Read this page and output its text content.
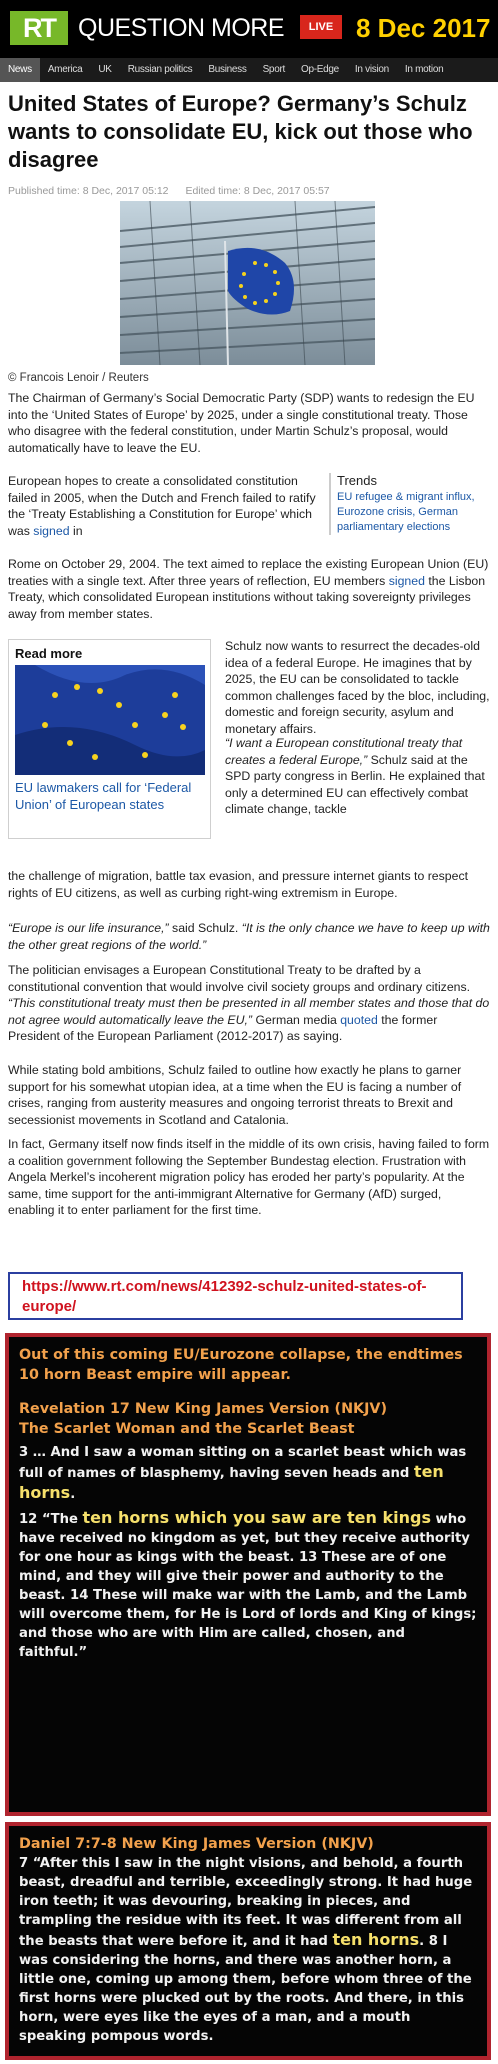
RT QUESTION MORE	LIVE 8 Dec 2017
News America UK Russian politics Business Sport Op-Edge In vision In motion
United States of Europe? Germany’s Schulz wants to consolidate EU, kick out those who disagree
Published time: 8 Dec, 2017 05:12 Edited time: 8 Dec, 2017 05:57
© Francois Lenoir / Reuters

The Chairman of Germany’s Social Democratic Party (SDP) wants to redesign the EU into the ‘United States of Europe’ by 2025, under a single constitutional treaty. Those who disagree with the federal constitution, under Martin Schulz’s proposal, would automatically have to leave the EU.

European hopes to create a consolidated constitution failed in 2005, when the Dutch and French failed to ratify the ‘Treaty Establishing a Constitution for Europe’ which was signed in

Trends
EU refugee & migrant influx,
Eurozone crisis, German
parliamentary elections

Rome on October 29, 2004. The text aimed to replace the existing European Union (EU) treaties with a single text. After three years of reflection, EU members signed the Lisbon Treaty, which consolidated European institutions without taking sovereignty privileges away from member states.

Read more
EU lawmakers call for ‘Federal Union’ of European states

Schulz now wants to resurrect the decades-old idea of a federal Europe. He imagines that by 2025, the EU can be consolidated to tackle common challenges faced by the bloc, including, domestic and foreign security, asylum and monetary affairs.

“I want a European constitutional treaty that creates a federal Europe,” Schulz said at the SPD party congress in Berlin. He explained that only a determined EU can effectively combat climate change, tackle

the challenge of migration, battle tax evasion, and pressure internet giants to respect rights of EU citizens, as well as curbing right-wing extremism in Europe.

“Europe is our life insurance,” said Schulz. “It is the only chance we have to keep up with the other great regions of the world.”

The politician envisages a European Constitutional Treaty to be drafted by a constitutional convention that would involve civil society groups and ordinary citizens. “This constitutional treaty must then be presented in all member states and those that do not agree would automatically leave the EU,” German media quoted the former President of the European Parliament (2012-2017) as saying.

While stating bold ambitions, Schulz failed to outline how exactly he plans to garner support for his somewhat utopian idea, at a time when the EU is facing a number of crises, ranging from austerity measures and ongoing terrorist threats to Brexit and secessionist movements in Scotland and Catalonia.

In fact, Germany itself now finds itself in the middle of its own crisis, having failed to form a coalition government following the September Bundestag election. Frustration with Angela Merkel’s incoherent migration policy has eroded her party’s popularity. At the same, time support for the anti-immigrant Alternative for Germany (AfD) surged, enabling it to enter parliament for the first time.

https://www.rt.com/news/412392-schulz-united-states-of-europe/
Out of this coming EU/Eurozone collapse, the endtimes 10 horn Beast empire will appear.
Revelation 17 New King James Version (NKJV)
The Scarlet Woman and the Scarlet Beast
3 … And I saw a woman sitting on a scarlet beast which was full of names of blasphemy, having seven heads and ten horns.
12 “The ten horns which you saw are ten kings who have received no kingdom as yet, but they receive authority for one hour as kings with the beast. 13 These are of one mind, and they will give their power and authority to the beast. 14 These will make war with the Lamb, and the Lamb will overcome them, for He is Lord of lords and King of kings; and those who are with Him are called, chosen, and faithful.”
Daniel 7:7-8 New King James Version (NKJV)
7 “After this I saw in the night visions, and behold, a fourth beast, dreadful and terrible, exceedingly strong. It had huge iron teeth; it was devouring, breaking in pieces, and trampling the residue with its feet. It was different from all the beasts that were before it, and it had ten horns. 8 I was considering the horns, and there was another horn, a little one, coming up among them, before whom three of the first horns were plucked out by the roots. And there, in this horn, were eyes like the eyes of a man, and a mouth speaking pompous words.
